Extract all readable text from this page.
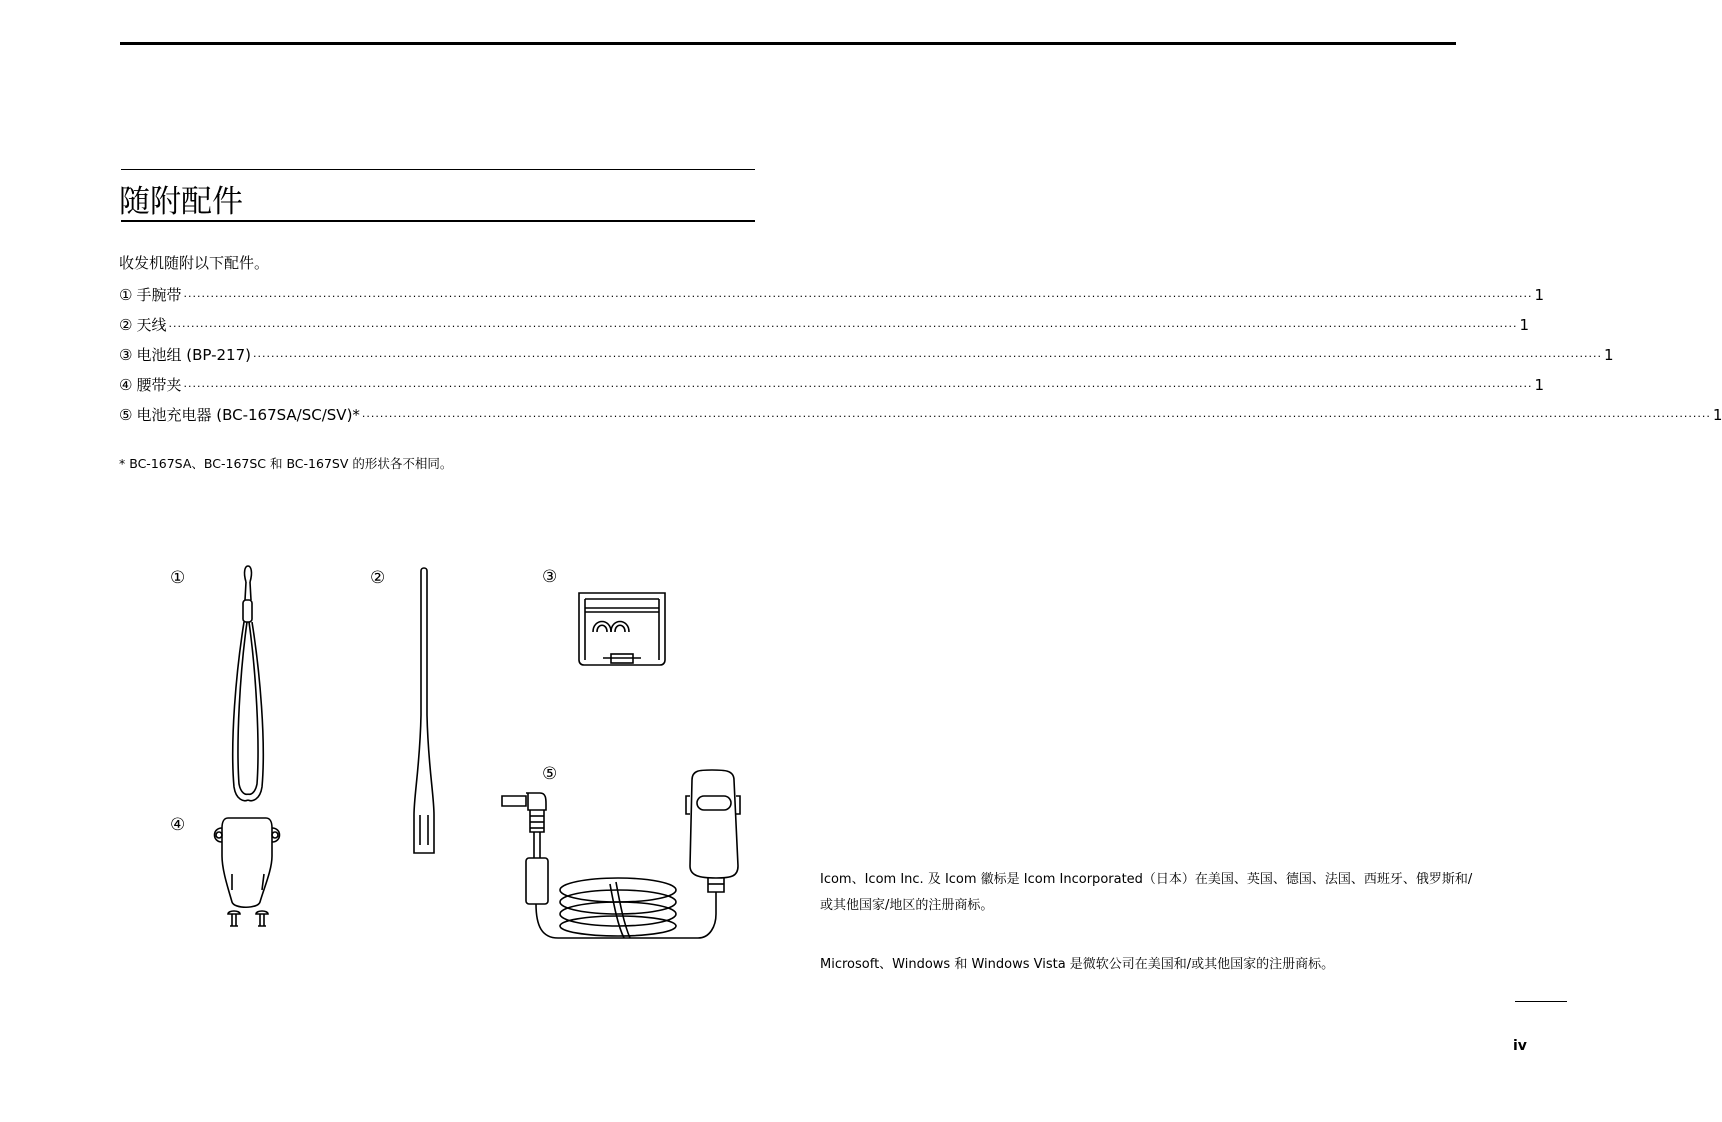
随附配件
收发机随附以下配件。
① 手腕带 ············································································································································································································································································································ 1
② 天线 ············································································································································································································································································································ 1
③ 电池组 (BP-217) ············································································································································································································································································································ 1
④ 腰带夹 ············································································································································································································································································································ 1
⑤ 电池充电器 (BC-167SA/SC/SV)* ············································································································································································································································································································ 1
* BC-167SA、BC-167SC 和 BC-167SV 的形状各不相同。
①	②	③
④
⑤
Icom、Icom Inc. 及 Icom 徽标是 Icom Incorporated（日本）在美国、英国、德国、法国、西班牙、俄罗斯和/
或其他国家/地区的注册商标。
Microsoft、Windows 和 Windows Vista 是微软公司在美国和/或其他国家的注册商标。
iv
